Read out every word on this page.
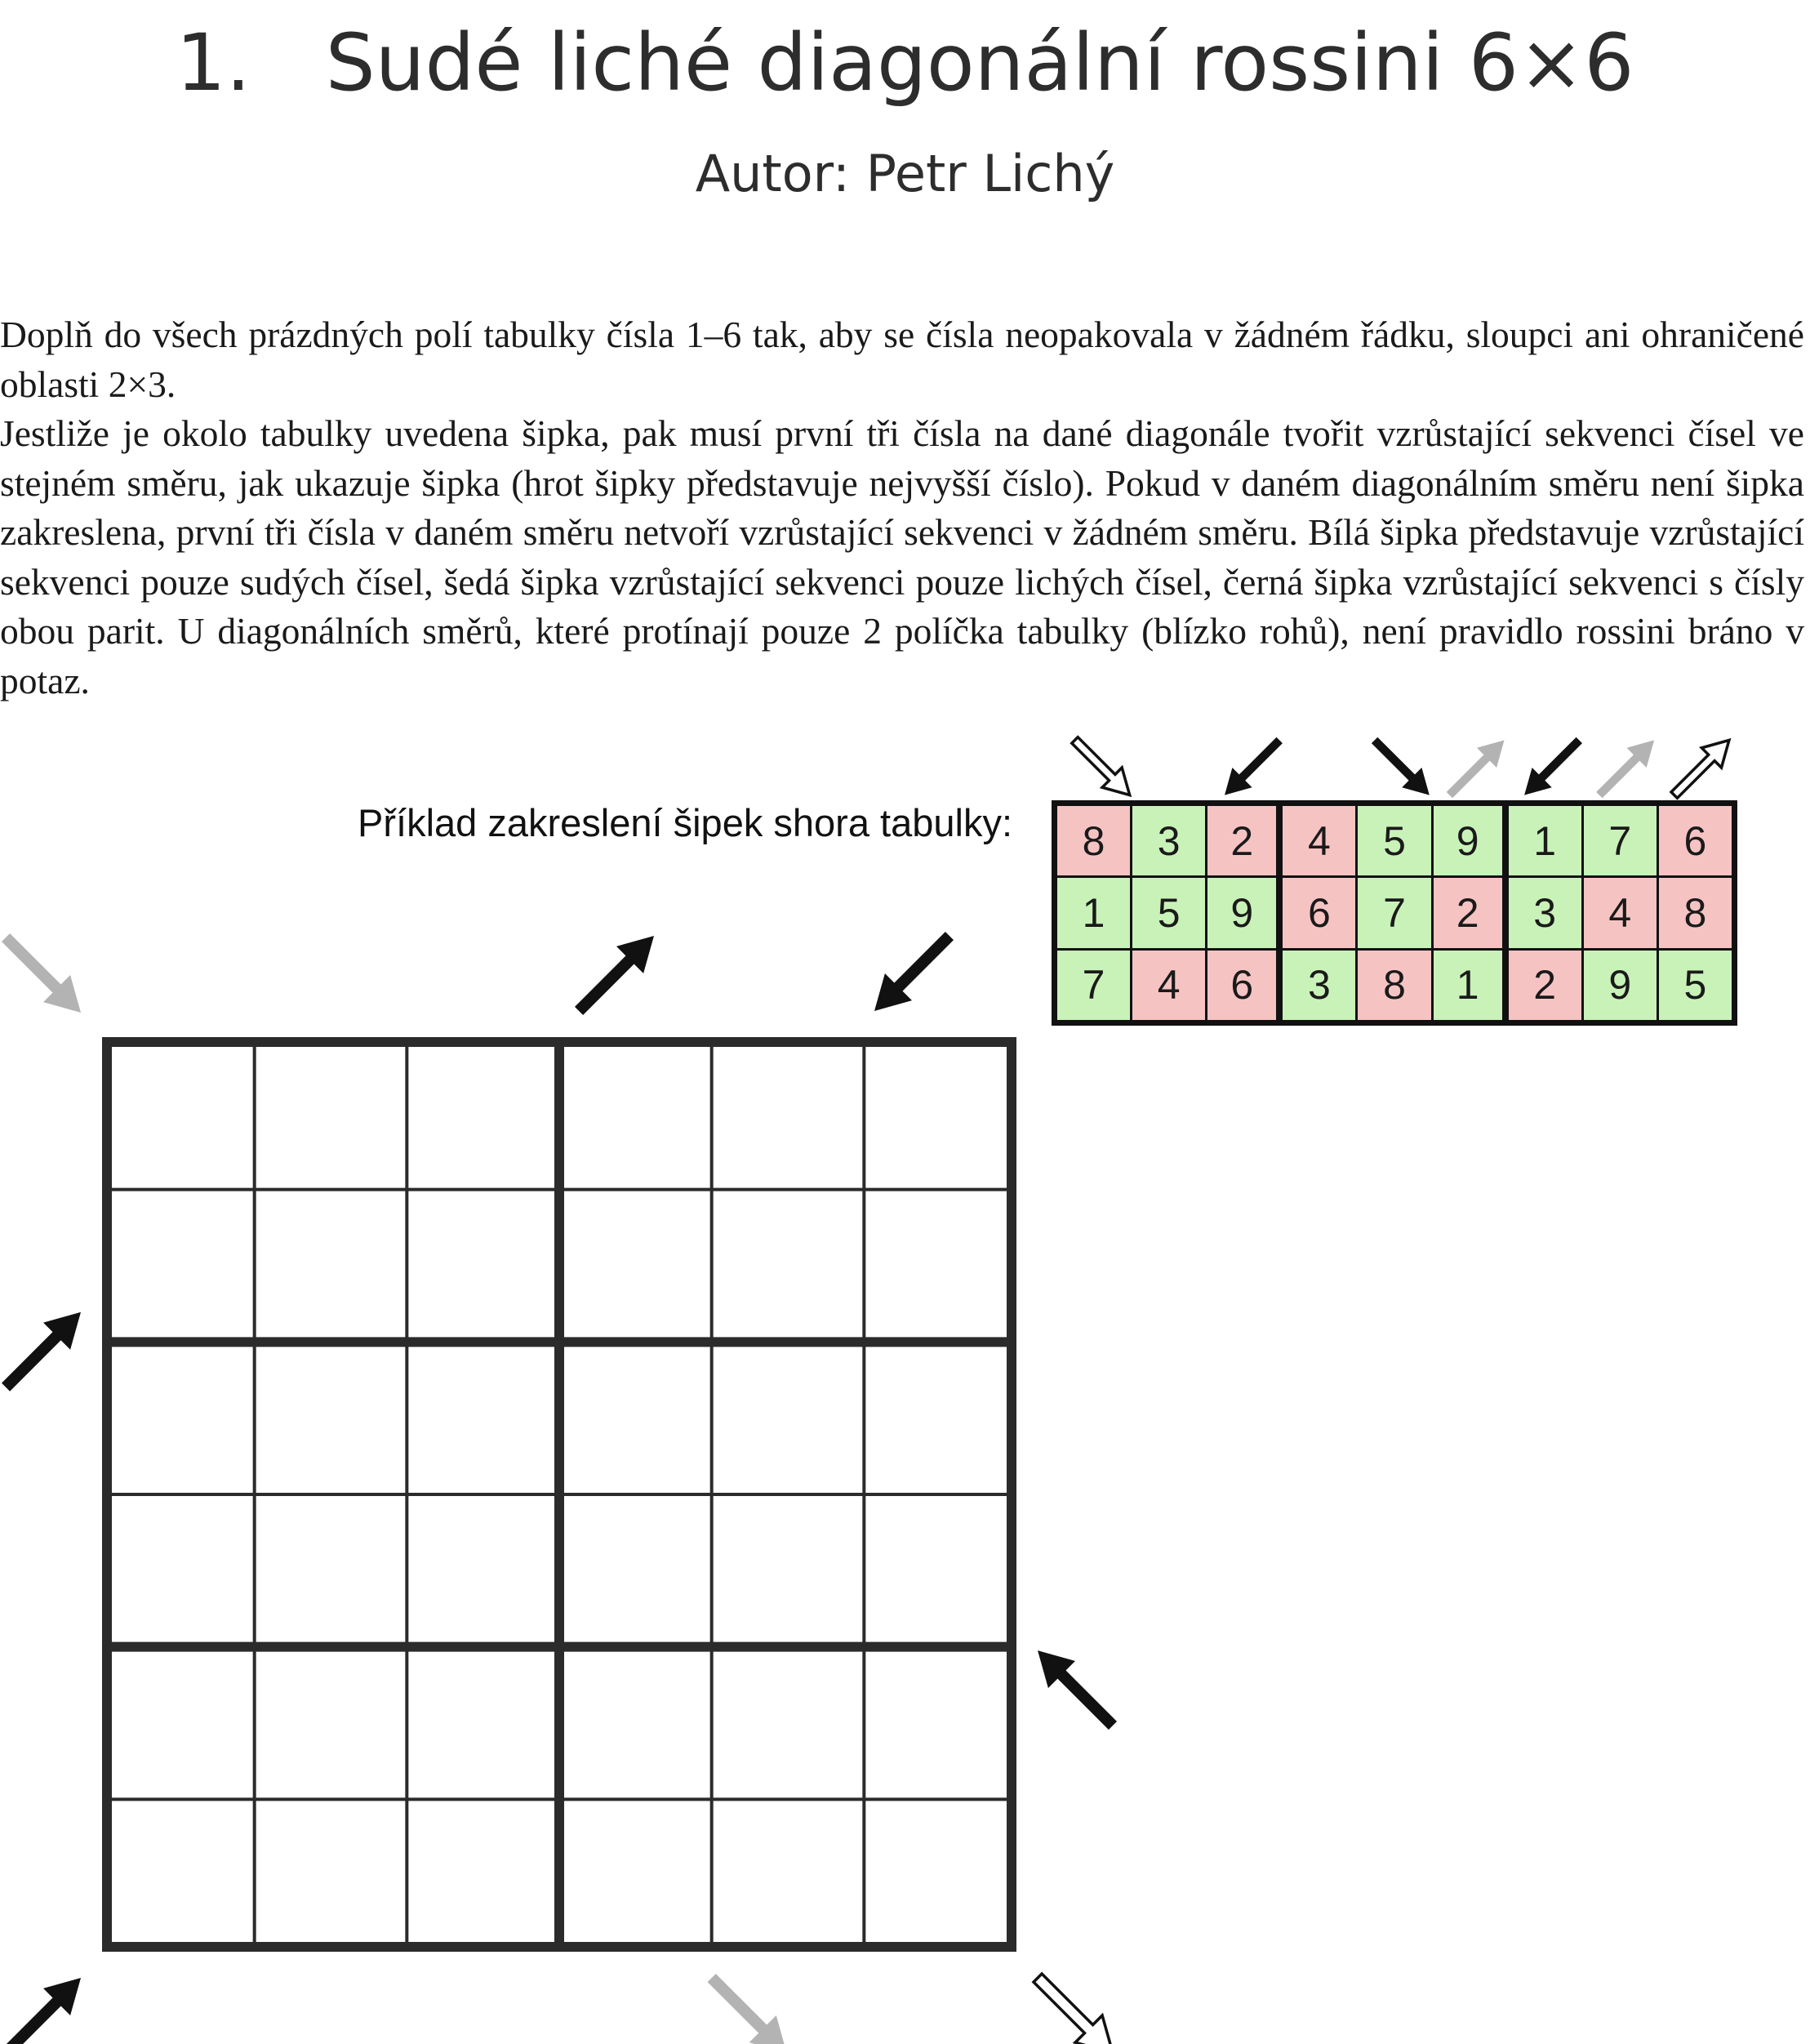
1.   Sudé liché diagonální rossini 6×6
Autor: Petr Lichý

Doplň do všech prázdných polí tabulky čísla 1–6 tak, aby se čísla neopakovala v žádném řádku, sloupci ani ohraničené oblasti 2×3.

Jestliže je okolo tabulky uvedena šipka, pak musí první tři čísla na dané diagonále tvořit vzrůstající sekvenci čísel ve stejném směru, jak ukazuje šipka (hrot šipky představuje nejvyšší číslo). Pokud v daném diagonálním směru není šipka zakreslena, první tři čísla v daném směru netvoří vzrůstající sekvenci v žádném směru. Bílá šipka představuje vzrůstající sekvenci pouze sudých čísel, šedá šipka vzrůstající sekvenci pouze lichých čísel, černá šipka vzrůstající sekvenci s čísly obou parit. U diagonálních směrů, které protínají pouze 2 políčka tabulky (blízko rohů), není pravidlo rossini bráno v potaz.

Příklad zakreslení šipek shora tabulky:	8	3	2	4	5	9	1	7	6
1	5	9	6	7	2	3	4	8
7	4	6	3	8	1	2	9	5
